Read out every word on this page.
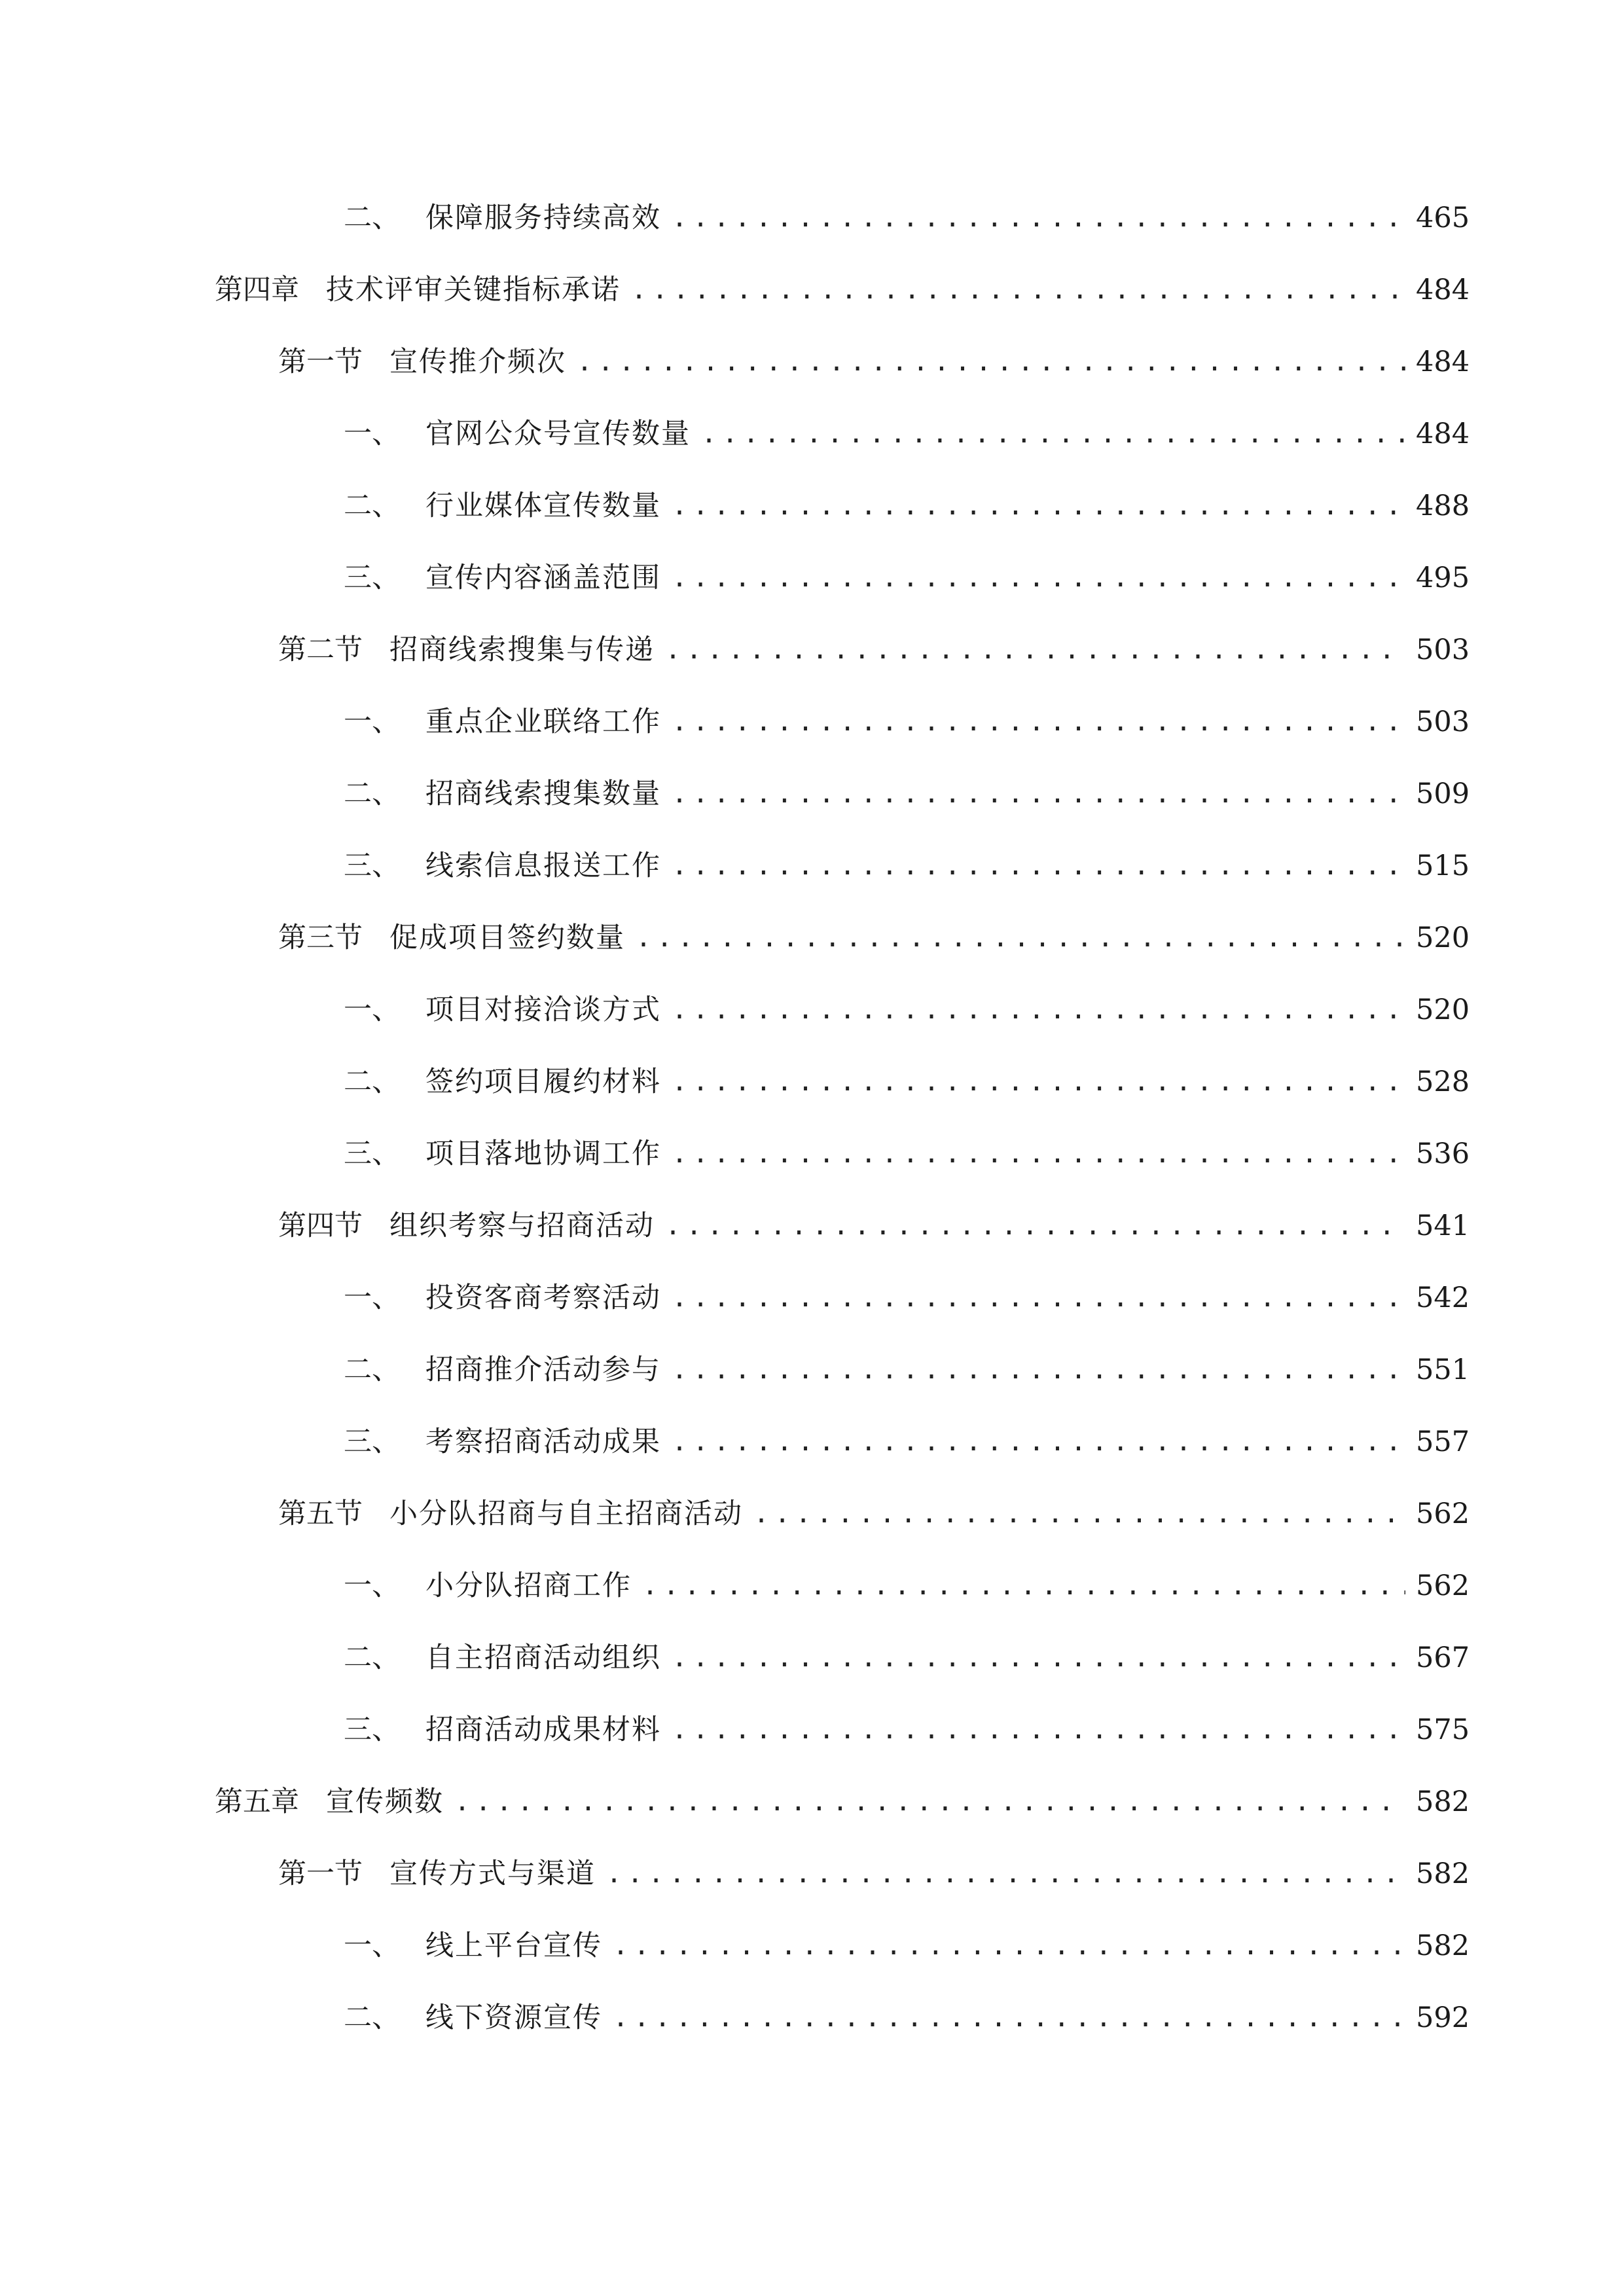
二、 保障服务持续高效 .....	465
第四章 技术评审关键指标承诺 .....	484
第一节 宣传推介频次 .....	484
一、 官网公众号宣传数量 .....	484
二、 行业媒体宣传数量 .....	488
三、 宣传内容涵盖范围 .....	495
第二节 招商线索搜集与传递 .....	503
一、 重点企业联络工作 .....	503
二、 招商线索搜集数量 .....	509
三、 线索信息报送工作 .....	515
第三节 促成项目签约数量 .....	520
一、 项目对接洽谈方式 .....	520
二、 签约项目履约材料 .....	528
三、 项目落地协调工作 .....	536
第四节 组织考察与招商活动 .....	541
一、 投资客商考察活动 .....	542
二、 招商推介活动参与 .....	551
三、 考察招商活动成果 .....	557
第五节 小分队招商与自主招商活动 .....	562
一、 小分队招商工作 .....	562
二、 自主招商活动组织 .....	567
三、 招商活动成果材料 .....	575
第五章 宣传频数 .....	582
第一节 宣传方式与渠道 .....	582
一、 线上平台宣传 .....	582
二、 线下资源宣传 .....	592
